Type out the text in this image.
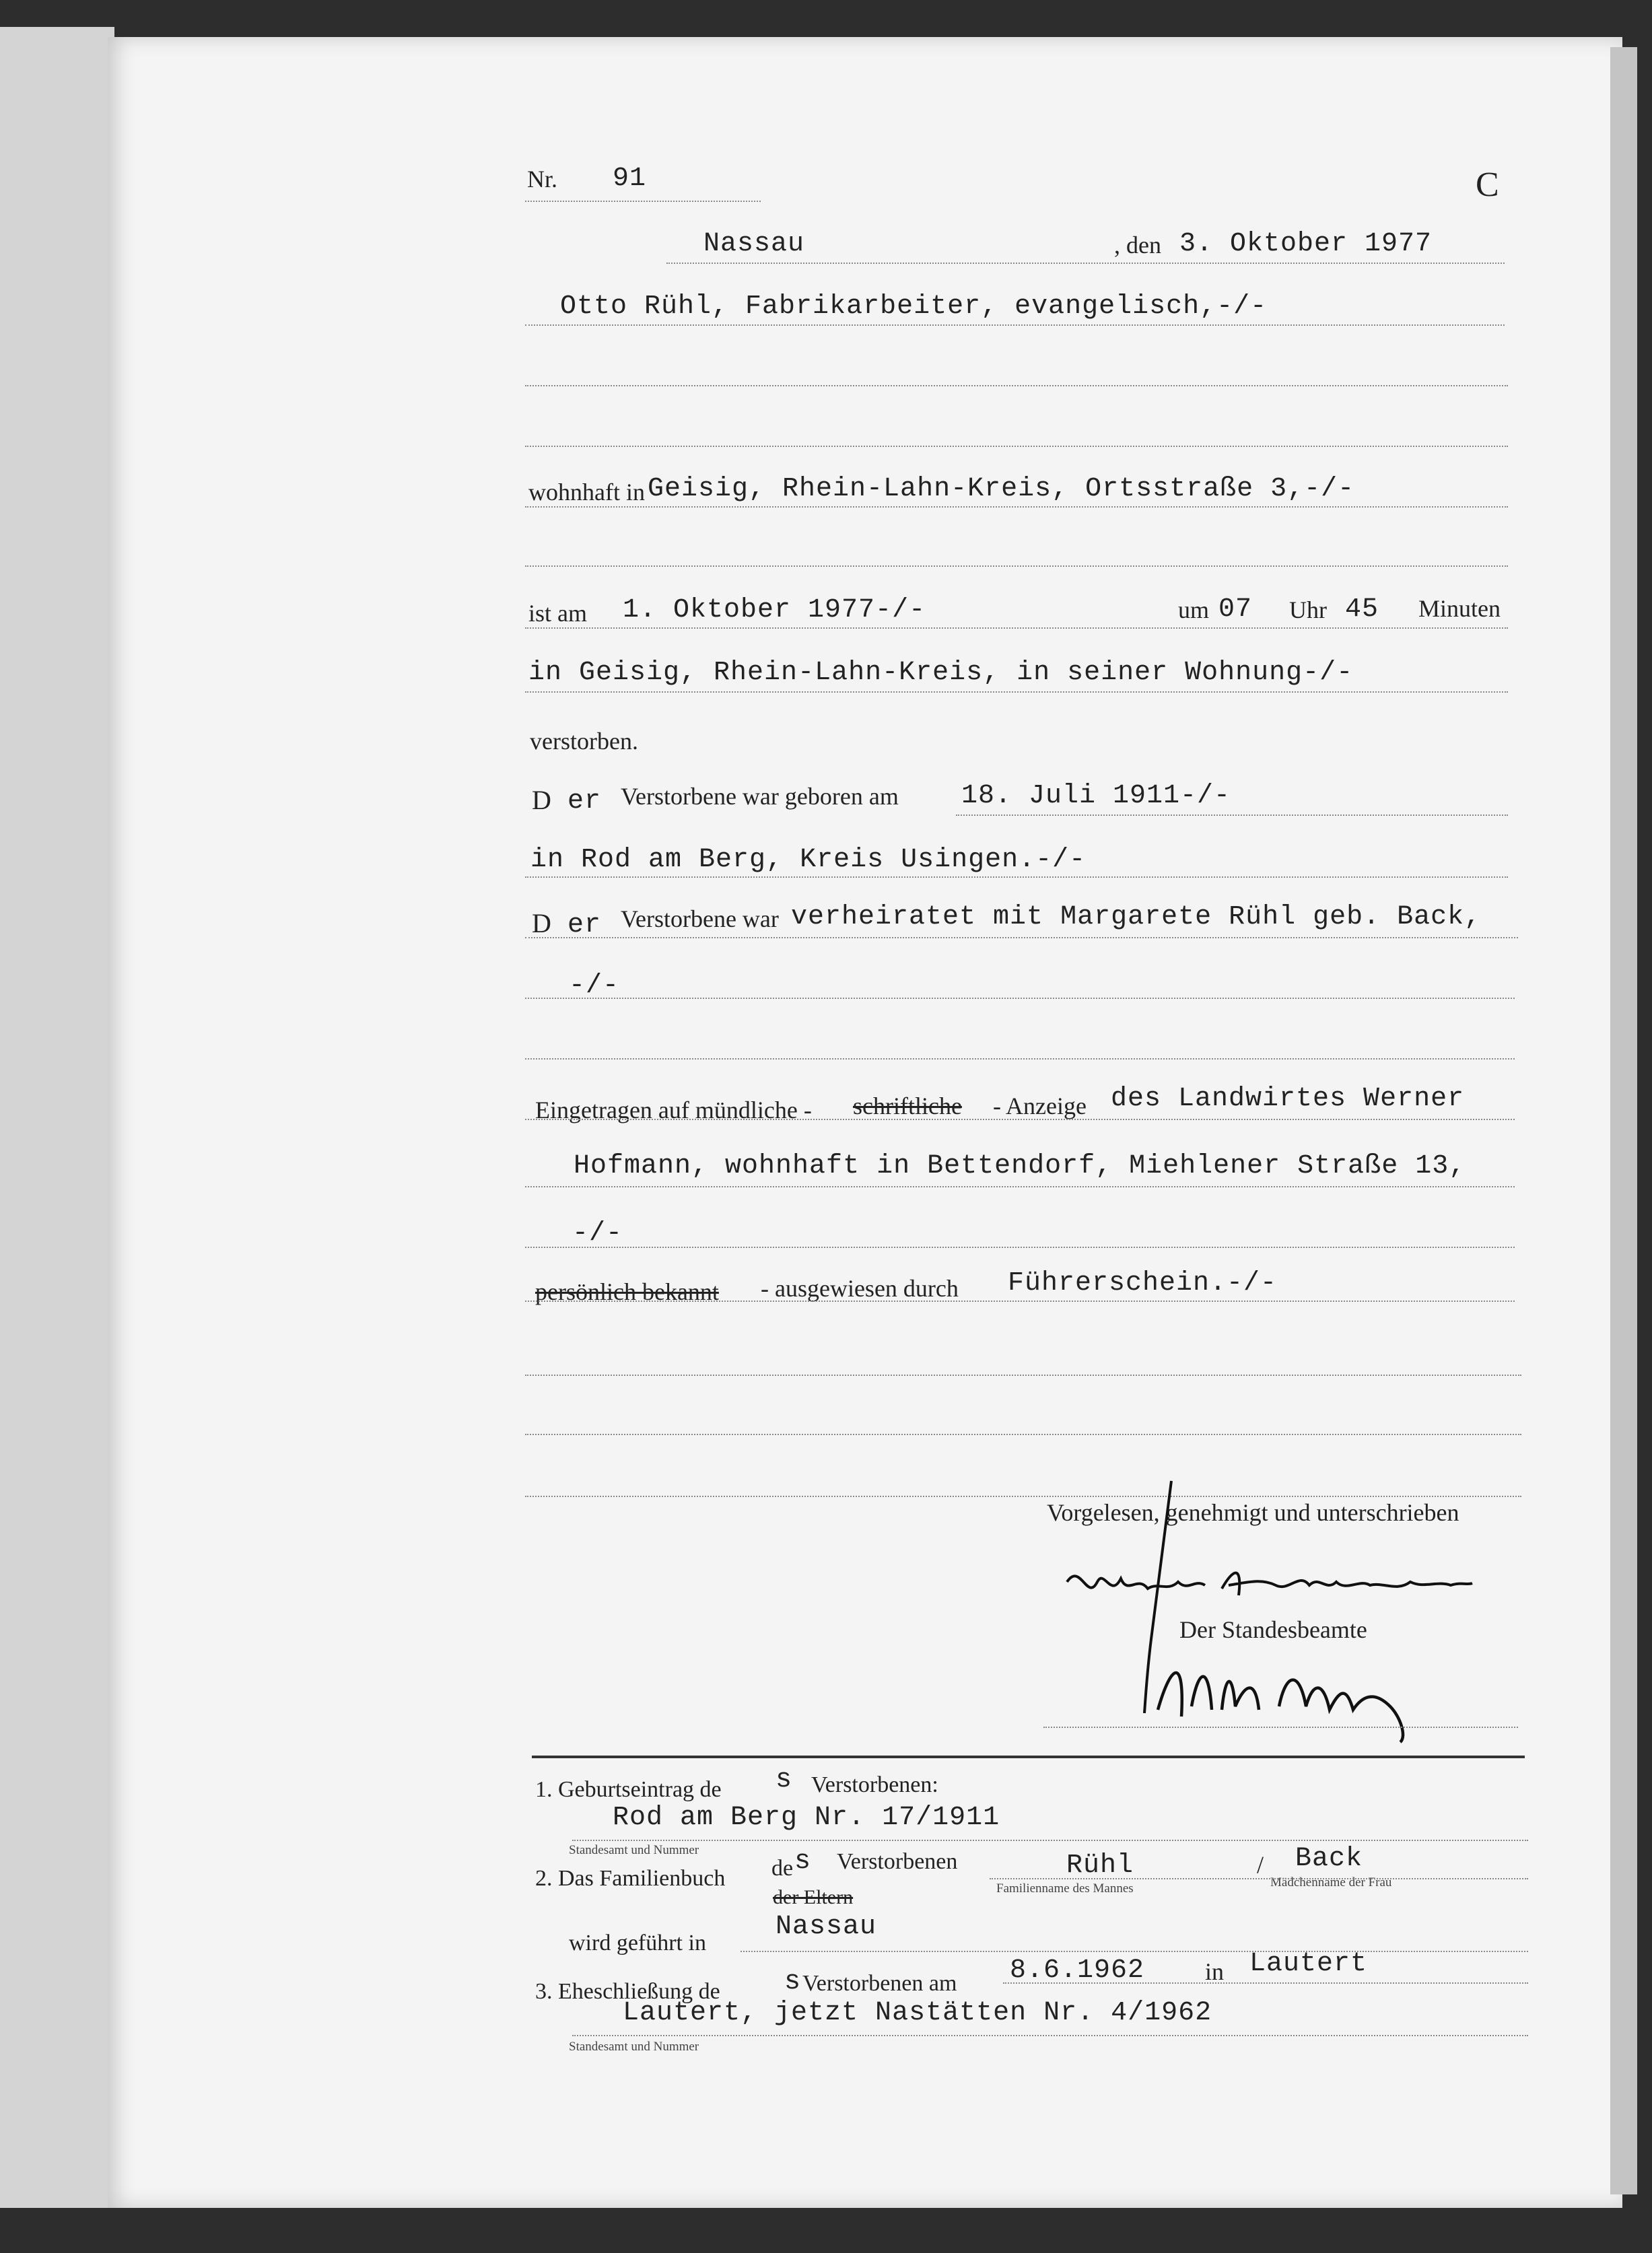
Nr. 91	C
Nassau	, den 3. Oktober 1977
Otto Rühl, Fabrikarbeiter, evangelisch,-/-
wohnhaft in Geisig, Rhein-Lahn-Kreis, Ortsstraße 3,-/-
ist am 1. Oktober 1977-/-	um 07 Uhr 45 Minuten
in Geisig, Rhein-Lahn-Kreis, in seiner Wohnung-/-
verstorben.
D er Verstorbene war geboren am 18. Juli 1911-/-
in Rod am Berg, Kreis Usingen.-/-
D er Verstorbene war verheiratet mit Margarete Rühl geb. Back,
-/-
Eingetragen auf mündliche - schriftliche - Anzeige des Landwirtes Werner
Hofmann, wohnhaft in Bettendorf, Miehlener Straße 13,
-/-
persönlich bekannt - ausgewiesen durch Führerschein.-/-
Vorgelesen, genehmigt und unterschrieben
Der Standesbeamte
1. Geburtseintrag de s Verstorbenen:
Rod am Berg Nr. 17/1911
Standesamt und Nummer
2. Das Familienbuch de s Verstorbenen
der Eltern
Rühl
Familienname des Mannes
/ Back
Mädchenname der Frau
wird geführt in
Nassau
3. Eheschließung de s Verstorbenen am 8.6.1962 in Lautert
Lautert, jetzt Nastätten Nr. 4/1962
Standesamt und Nummer
